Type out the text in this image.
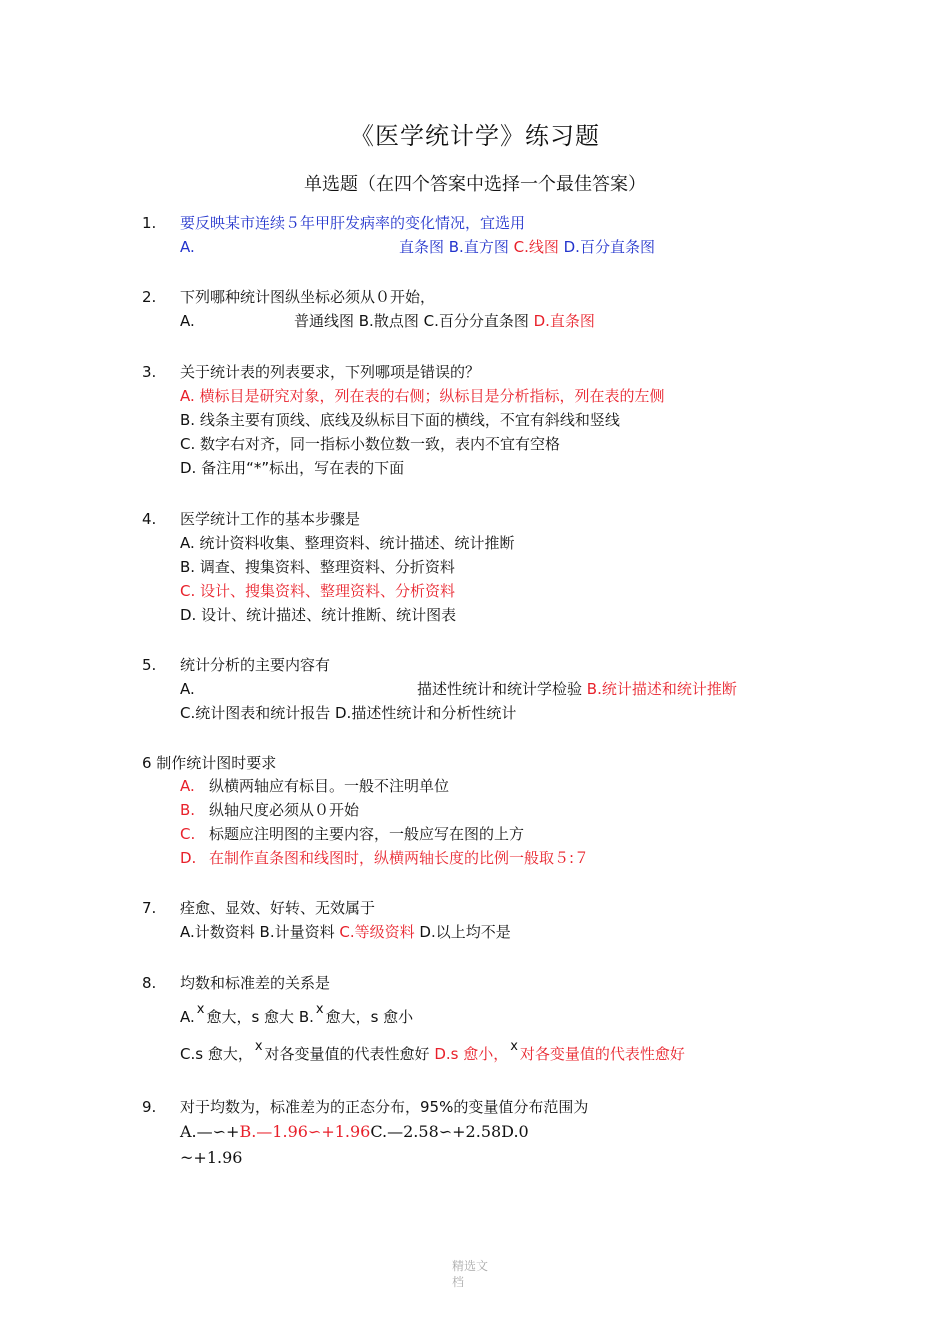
《医学统计学》练习题
单选题（在四个答案中选择一个最佳答案）
1. 要反映某市连续５年甲肝发病率的变化情况，宜选用
A.	直条图 B.直方图 C.线图 D.百分直条图
2. 下列哪种统计图纵坐标必须从０开始，
A.	普通线图 B.散点图 C.百分分直条图 D.直条图
3. 关于统计表的列表要求，下列哪项是错误的？
A. 横标目是研究对象，列在表的右侧；纵标目是分析指标，列在表的左侧
B. 线条主要有顶线、底线及纵标目下面的横线，不宜有斜线和竖线
C. 数字右对齐，同一指标小数位数一致，表内不宜有空格
D. 备注用“*”标出，写在表的下面
4. 医学统计工作的基本步骤是
A. 统计资料收集、整理资料、统计描述、统计推断
B. 调查、搜集资料、整理资料、分折资料
C. 设计、搜集资料、整理资料、分析资料
D. 设计、统计描述、统计推断、统计图表
5. 统计分析的主要内容有
A.	描述性统计和统计学检验 B.统计描述和统计推断
C.统计图表和统计报告 D.描述性统计和分析性统计
6 制作统计图时要求
A. 纵横两轴应有标目。一般不注明单位
B. 纵轴尺度必须从０开始
C. 标题应注明图的主要内容，一般应写在图的上方
D. 在制作直条图和线图时，纵横两轴长度的比例一般取５:７
7. 痊愈、显效、好转、无效属于
A.计数资料 B.计量资料 C.等级资料 D.以上均不是
8. 均数和标准差的关系是
A. x 愈大，s 愈大 B. x 愈大，s 愈小
C.s 愈大， x 对各变量值的代表性愈好 D.s 愈小， x 对各变量值的代表性愈好
9. 对于均数为，标准差为的正态分布，95%的变量值分布范围为
A.—∽+B.—1.96∽+1.96C.—2.58∽+2.58D.0
~+1.96
精选文
档
